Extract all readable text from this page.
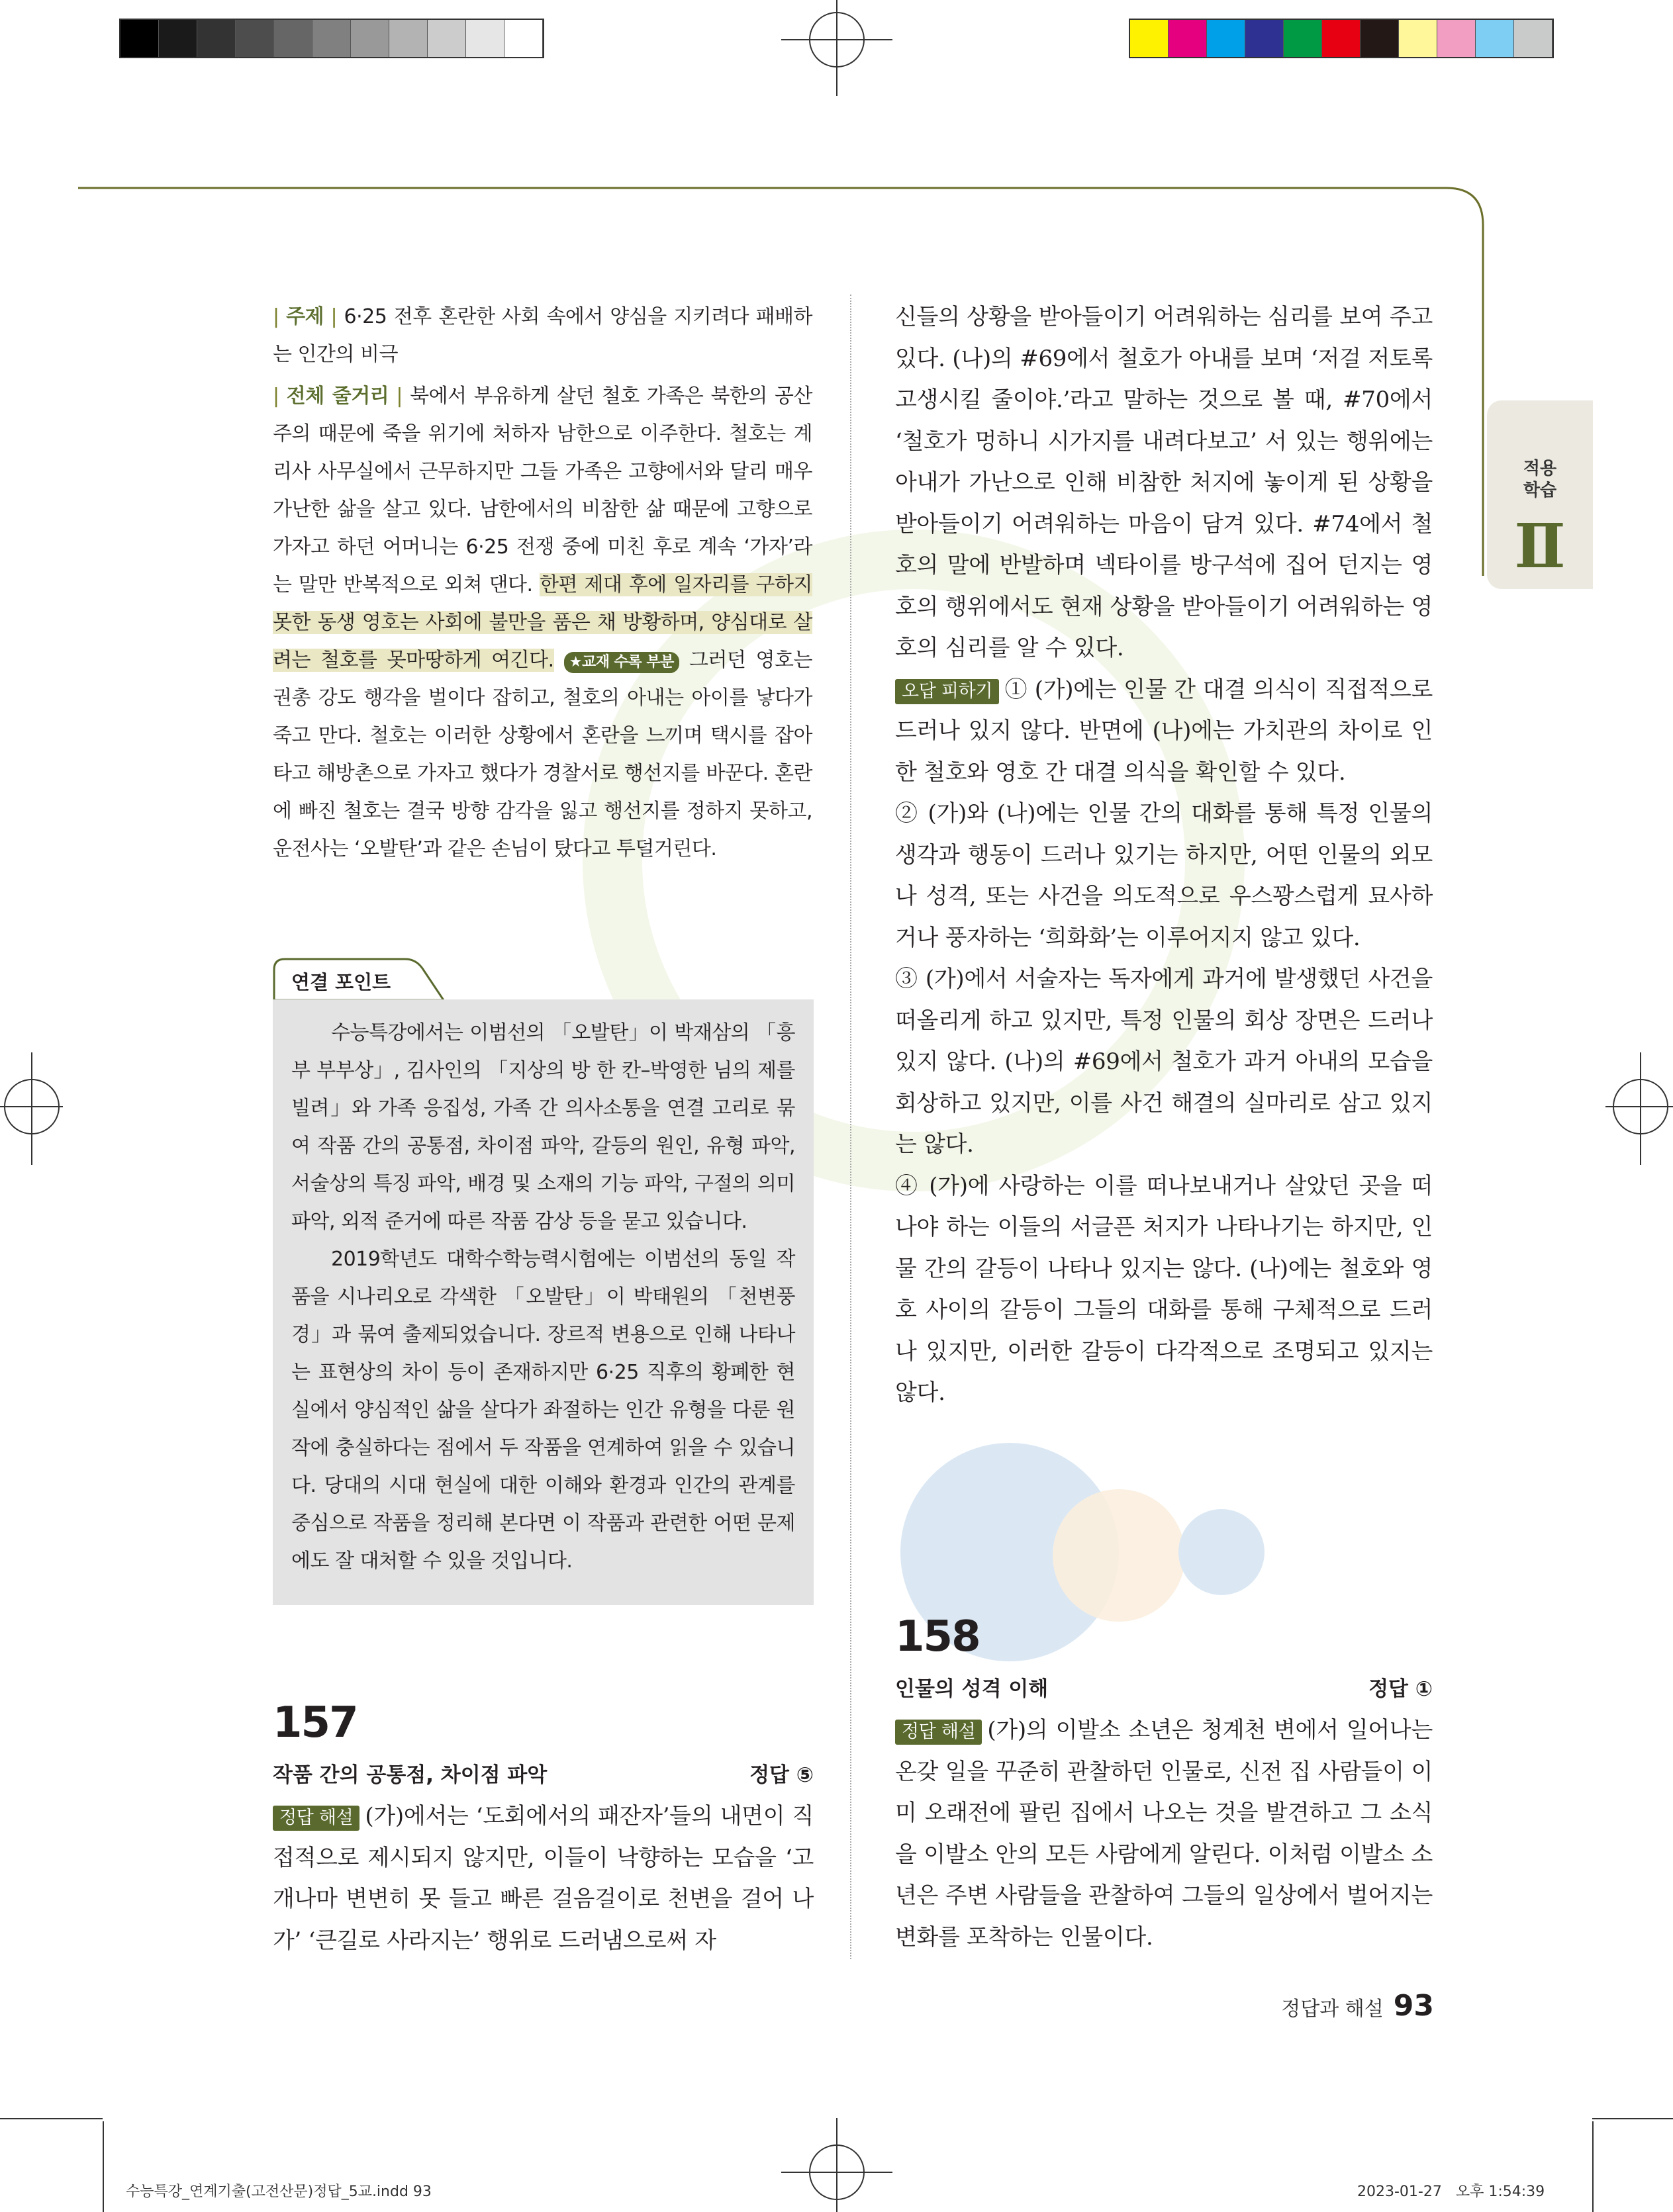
적용
학습
Ⅱ

| 주제 | 6·25 전후 혼란한 사회 속에서 양심을 지키려다 패배하는 인간의 비극

| 전체 줄거리 | 북에서 부유하게 살던 철호 가족은 북한의 공산주의 때문에 죽을 위기에 처하자 남한으로 이주한다. 철호는 계리사 사무실에서 근무하지만 그들 가족은 고향에서와 달리 매우 가난한 삶을 살고 있다. 남한에서의 비참한 삶 때문에 고향으로 가자고 하던 어머니는 6·25 전쟁 중에 미친 후로 계속 ‘가자’라는 말만 반복적으로 외쳐 댄다. 한편 제대 후에 일자리를 구하지 못한 동생 영호는 사회에 불만을 품은 채 방황하며, 양심대로 살려는 철호를 못마땅하게 여긴다. ★교재 수록 부분 그러던 영호는 권총 강도 행각을 벌이다 잡히고, 철호의 아내는 아이를 낳다가 죽고 만다. 철호는 이러한 상황에서 혼란을 느끼며 택시를 잡아타고 해방촌으로 가자고 했다가 경찰서로 행선지를 바꾼다. 혼란에 빠진 철호는 결국 방향 감각을 잃고 행선지를 정하지 못하고, 운전사는 ‘오발탄’과 같은 손님이 탔다고 투덜거린다.

연결 포인트

수능특강에서는 이범선의 「오발탄」이 박재삼의 「흥부 부부상」, 김사인의 「지상의 방 한 칸–박영한 님의 제를 빌려」와 가족 응집성, 가족 간 의사소통을 연결 고리로 묶여 작품 간의 공통점, 차이점 파악, 갈등의 원인, 유형 파악, 서술상의 특징 파악, 배경 및 소재의 기능 파악, 구절의 의미 파악, 외적 준거에 따른 작품 감상 등을 묻고 있습니다.

2019학년도 대학수학능력시험에는 이범선의 동일 작품을 시나리오로 각색한 「오발탄」이 박태원의 「천변풍경」과 묶여 출제되었습니다. 장르적 변용으로 인해 나타나는 표현상의 차이 등이 존재하지만 6·25 직후의 황폐한 현실에서 양심적인 삶을 살다가 좌절하는 인간 유형을 다룬 원작에 충실하다는 점에서 두 작품을 연계하여 읽을 수 있습니다. 당대의 시대 현실에 대한 이해와 환경과 인간의 관계를 중심으로 작품을 정리해 본다면 이 작품과 관련한 어떤 문제에도 잘 대처할 수 있을 것입니다.

157
작품 간의 공통점, 차이점 파악	정답 ⑤

정답 해설 (가)에서는 ‘도회에서의 패잔자’들의 내면이 직접적으로 제시되지 않지만, 이들이 낙향하는 모습을 ‘고개나마 변변히 못 들고 빠른 걸음걸이로 천변을 걸어 나가’ ‘큰길로 사라지는’ 행위로 드러냄으로써 자

신들의 상황을 받아들이기 어려워하는 심리를 보여 주고 있다. (나)의 #69에서 철호가 아내를 보며 ‘저걸 저토록 고생시킬 줄이야.’라고 말하는 것으로 볼 때, #70에서 ‘철호가 멍하니 시가지를 내려다보고’ 서 있는 행위에는 아내가 가난으로 인해 비참한 처지에 놓이게 된 상황을 받아들이기 어려워하는 마음이 담겨 있다. #74에서 철호의 말에 반발하며 넥타이를 방구석에 집어 던지는 영호의 행위에서도 현재 상황을 받아들이기 어려워하는 영호의 심리를 알 수 있다.

오답 피하기 ① (가)에는 인물 간 대결 의식이 직접적으로 드러나 있지 않다. 반면에 (나)에는 가치관의 차이로 인한 철호와 영호 간 대결 의식을 확인할 수 있다.

② (가)와 (나)에는 인물 간의 대화를 통해 특정 인물의 생각과 행동이 드러나 있기는 하지만, 어떤 인물의 외모나 성격, 또는 사건을 의도적으로 우스꽝스럽게 묘사하거나 풍자하는 ‘희화화’는 이루어지지 않고 있다.

③ (가)에서 서술자는 독자에게 과거에 발생했던 사건을 떠올리게 하고 있지만, 특정 인물의 회상 장면은 드러나 있지 않다. (나)의 #69에서 철호가 과거 아내의 모습을 회상하고 있지만, 이를 사건 해결의 실마리로 삼고 있지는 않다.

④ (가)에 사랑하는 이를 떠나보내거나 살았던 곳을 떠나야 하는 이들의 서글픈 처지가 나타나기는 하지만, 인물 간의 갈등이 나타나 있지는 않다. (나)에는 철호와 영호 사이의 갈등이 그들의 대화를 통해 구체적으로 드러나 있지만, 이러한 갈등이 다각적으로 조명되고 있지는 않다.

158
인물의 성격 이해	정답 ①

정답 해설 (가)의 이발소 소년은 청계천 변에서 일어나는 온갖 일을 꾸준히 관찰하던 인물로, 신전 집 사람들이 이미 오래전에 팔린 집에서 나오는 것을 발견하고 그 소식을 이발소 안의 모든 사람에게 알린다. 이처럼 이발소 소년은 주변 사람들을 관찰하여 그들의 일상에서 벌어지는 변화를 포착하는 인물이다.

정답과 해설 93
수능특강_연계기출(고전산문)정답_5교.indd 93	2023-01-27   오후 1:54:39
